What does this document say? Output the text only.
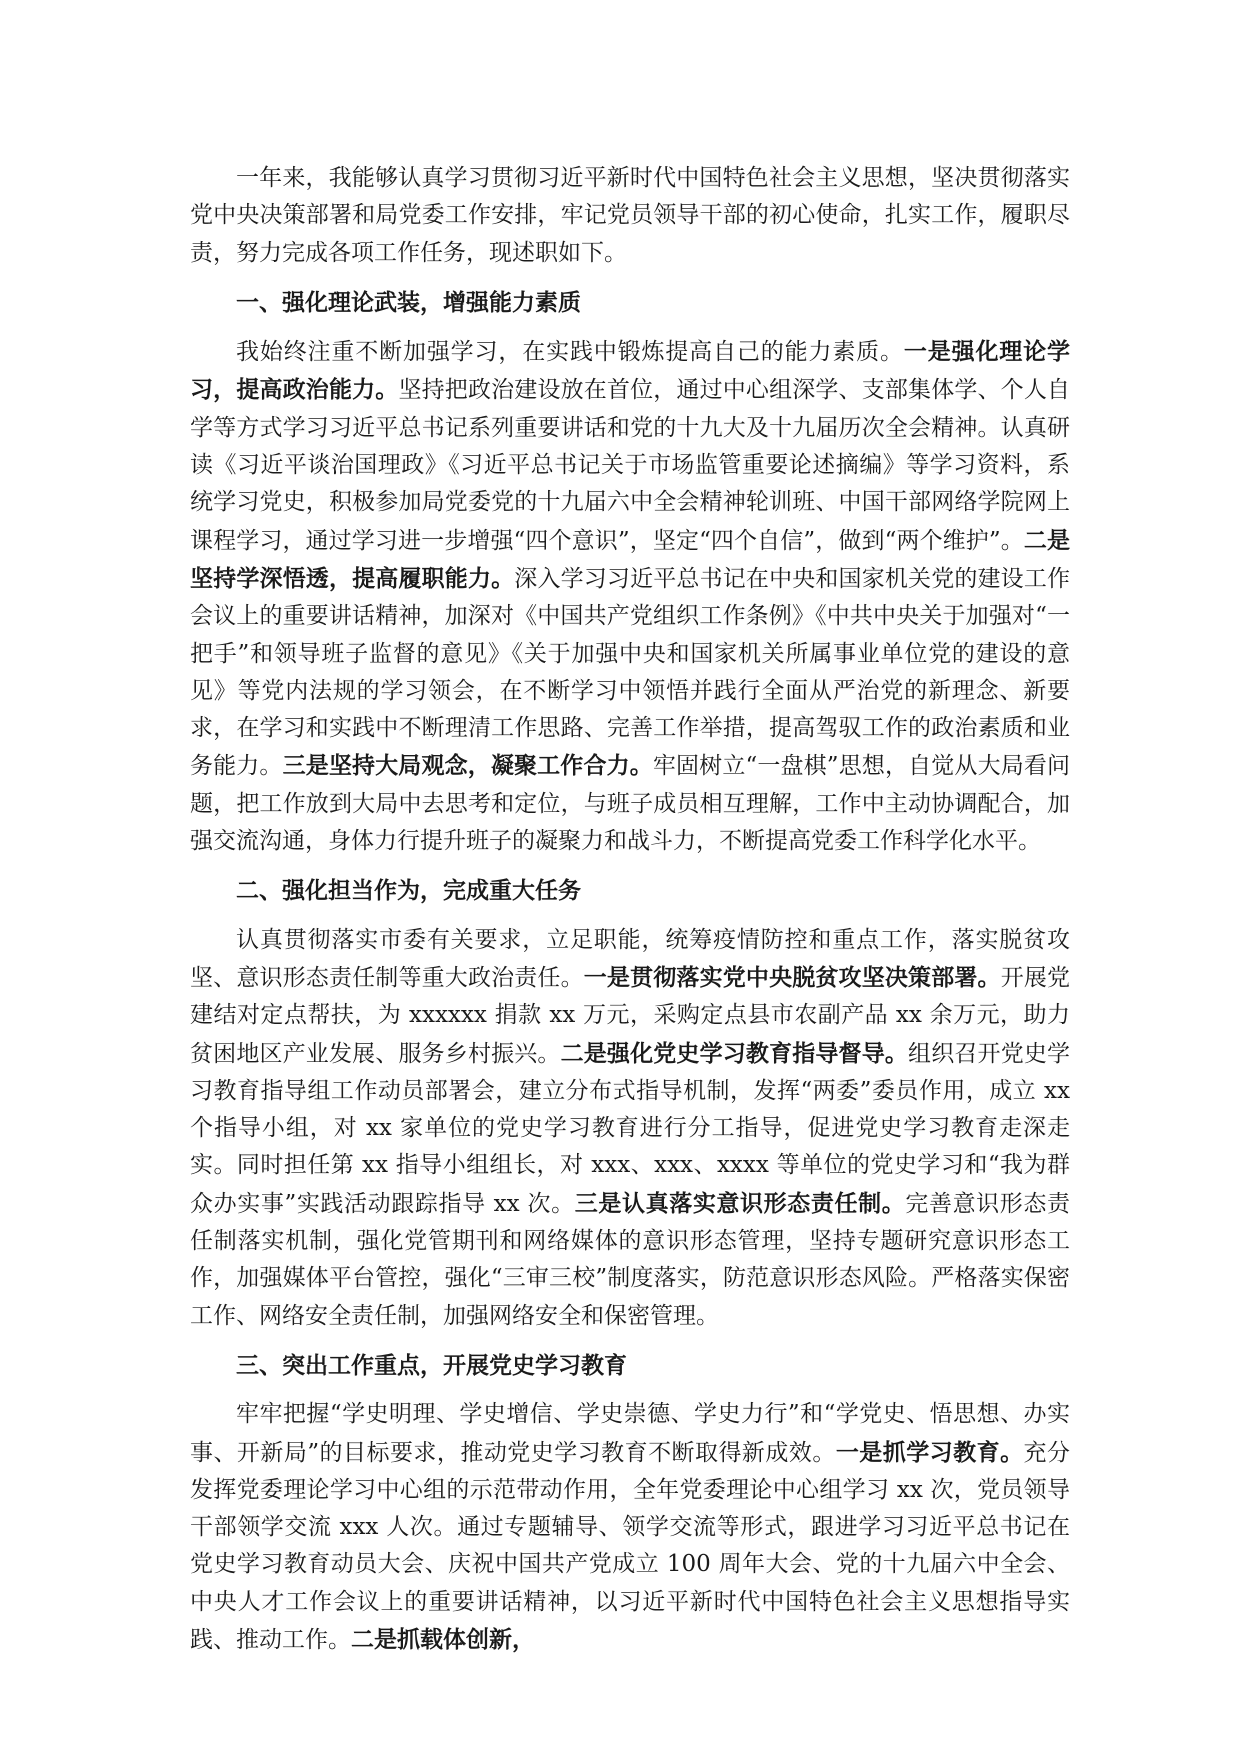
一年来，我能够认真学习贯彻习近平新时代中国特色社会主义思想，坚决贯彻落实党中央决策部署和局党委工作安排，牢记党员领导干部的初心使命，扎实工作，履职尽责，努力完成各项工作任务，现述职如下。

一、强化理论武装，增强能力素质

我始终注重不断加强学习，在实践中锻炼提高自己的能力素质。一是强化理论学习，提高政治能力。坚持把政治建设放在首位，通过中心组深学、支部集体学、个人自学等方式学习习近平总书记系列重要讲话和党的十九大及十九届历次全会精神。认真研读《习近平谈治国理政》《习近平总书记关于市场监管重要论述摘编》等学习资料，系统学习党史，积极参加局党委党的十九届六中全会精神轮训班、中国干部网络学院网上课程学习，通过学习进一步增强“四个意识”，坚定“四个自信”，做到“两个维护”。二是坚持学深悟透，提高履职能力。深入学习习近平总书记在中央和国家机关党的建设工作会议上的重要讲话精神，加深对《中国共产党组织工作条例》《中共中央关于加强对“一把手”和领导班子监督的意见》《关于加强中央和国家机关所属事业单位党的建设的意见》等党内法规的学习领会，在不断学习中领悟并践行全面从严治党的新理念、新要求，在学习和实践中不断理清工作思路、完善工作举措，提高驾驭工作的政治素质和业务能力。三是坚持大局观念，凝聚工作合力。牢固树立“一盘棋”思想，自觉从大局看问题，把工作放到大局中去思考和定位，与班子成员相互理解，工作中主动协调配合，加强交流沟通，身体力行提升班子的凝聚力和战斗力，不断提高党委工作科学化水平。

二、强化担当作为，完成重大任务

认真贯彻落实市委有关要求，立足职能，统筹疫情防控和重点工作，落实脱贫攻坚、意识形态责任制等重大政治责任。一是贯彻落实党中央脱贫攻坚决策部署。开展党建结对定点帮扶，为 xxxxxx 捐款 xx 万元，采购定点县市农副产品 xx 余万元，助力贫困地区产业发展、服务乡村振兴。二是强化党史学习教育指导督导。组织召开党史学习教育指导组工作动员部署会，建立分布式指导机制，发挥“两委”委员作用，成立 xx 个指导小组，对 xx 家单位的党史学习教育进行分工指导，促进党史学习教育走深走实。同时担任第 xx 指导小组组长，对 xxx、xxx、xxxx 等单位的党史学习和“我为群众办实事”实践活动跟踪指导 xx 次。三是认真落实意识形态责任制。完善意识形态责任制落实机制，强化党管期刊和网络媒体的意识形态管理，坚持专题研究意识形态工作，加强媒体平台管控，强化“三审三校”制度落实，防范意识形态风险。严格落实保密工作、网络安全责任制，加强网络安全和保密管理。

三、突出工作重点，开展党史学习教育

牢牢把握“学史明理、学史增信、学史崇德、学史力行”和“学党史、悟思想、办实事、开新局”的目标要求，推动党史学习教育不断取得新成效。一是抓学习教育。充分发挥党委理论学习中心组的示范带动作用，全年党委理论中心组学习 xx 次，党员领导干部领学交流 xxx 人次。通过专题辅导、领学交流等形式，跟进学习习近平总书记在党史学习教育动员大会、庆祝中国共产党成立 100 周年大会、党的十九届六中全会、中央人才工作会议上的重要讲话精神，以习近平新时代中国特色社会主义思想指导实践、推动工作。二是抓载体创新，
